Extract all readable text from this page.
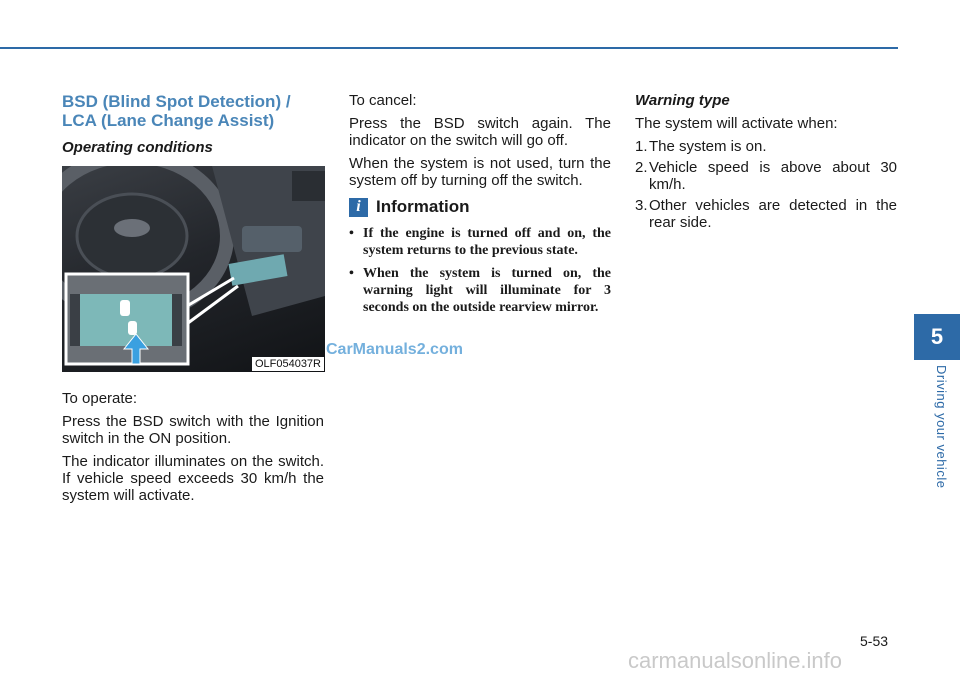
BSD (Blind Spot Detection) / LCA (Lane Change Assist)
Operating conditions
OLF054037R

To operate:

Press the BSD switch with the Ignition switch in the ON position.

The indicator illuminates on the switch. If vehicle speed exceeds 30 km/h the system will activate.

To cancel:

Press the BSD switch again. The indicator on the switch will go off.

When the system is not used, turn the system off by turning off the switch.

i Information
• If the engine is turned off and on, the system returns to the previous state.
• When the system is turned on, the warning light will illuminate for 3 seconds on the outside rearview mirror.
Warning type

The system will activate when:

1. The system is on.
2. Vehicle speed is above about 30 km/h.
3. Other vehicles are detected in the rear side.
CarManuals2.com
5
Driving your vehicle
5-53
carmanualsonline.info
